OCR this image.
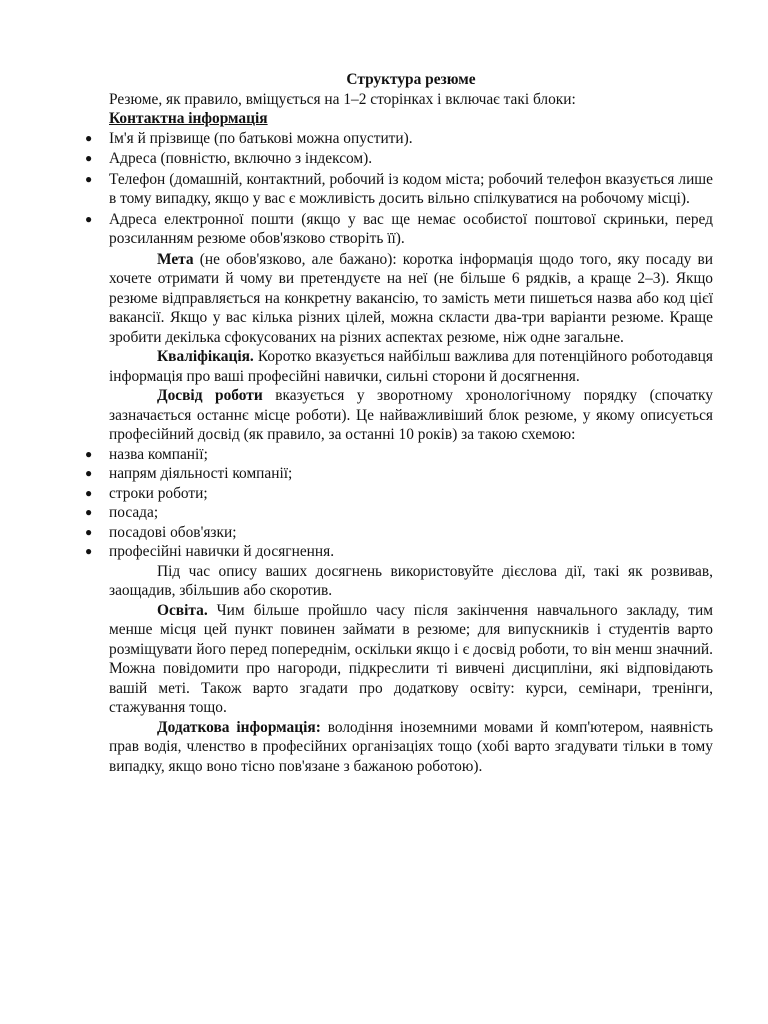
Структура резюме

Резюме, як правило, вміщується на 1–2 сторінках і включає такі блоки:

Контактна інформація

● Ім'я й прізвище (по батькові можна опустити).
● Адреса (повністю, включно з індексом).
● Телефон (домашній, контактний, робочий із кодом міста; робочий телефон вказується лише в тому випадку, якщо у вас є можливість досить вільно спілкуватися на робочому місці).
● Адреса електронної пошти (якщо у вас ще немає особистої поштової скриньки, перед розсиланням резюме обов'язково створіть її).

Мета (не обов'язково, але бажано): коротка інформація щодо того, яку посаду ви хочете отримати й чому ви претендуєте на неї (не більше 6 рядків, а краще 2–3). Якщо резюме відправляється на конкретну вакансію, то замість мети пишеться назва або код цієї вакансії. Якщо у вас кілька різних цілей, можна скласти два-три варіанти резюме. Краще зробити декілька сфокусованих на різних аспектах резюме, ніж одне загальне.

Кваліфікація. Коротко вказується найбільш важлива для потенційного роботодавця інформація про ваші професійні навички, сильні сторони й досягнення.

Досвід роботи вказується у зворотному хронологічному порядку (спочатку зазначається останнє місце роботи). Це найважливіший блок резюме, у якому описується професійний досвід (як правило, за останні 10 років) за такою схемою:

● назва компанії;
● напрям діяльності компанії;
● строки роботи;
● посада;
● посадові обов'язки;
● професійні навички й досягнення.

Під час опису ваших досягнень використовуйте дієслова дії, такі як розвивав, заощадив, збільшив або скоротив.

Освіта. Чим більше пройшло часу після закінчення навчального закладу, тим менше місця цей пункт повинен займати в резюме; для випускників і студентів варто розміщувати його перед попереднім, оскільки якщо і є досвід роботи, то він менш значний. Можна повідомити про нагороди, підкреслити ті вивчені дисципліни, які відповідають вашій меті. Також варто згадати про додаткову освіту: курси, семінари, тренінги, стажування тощо.

Додаткова інформація: володіння іноземними мовами й комп'ютером, наявність прав водія, членство в професійних організаціях тощо (хобі варто згадувати тільки в тому випадку, якщо воно тісно пов'язане з бажаною роботою).
